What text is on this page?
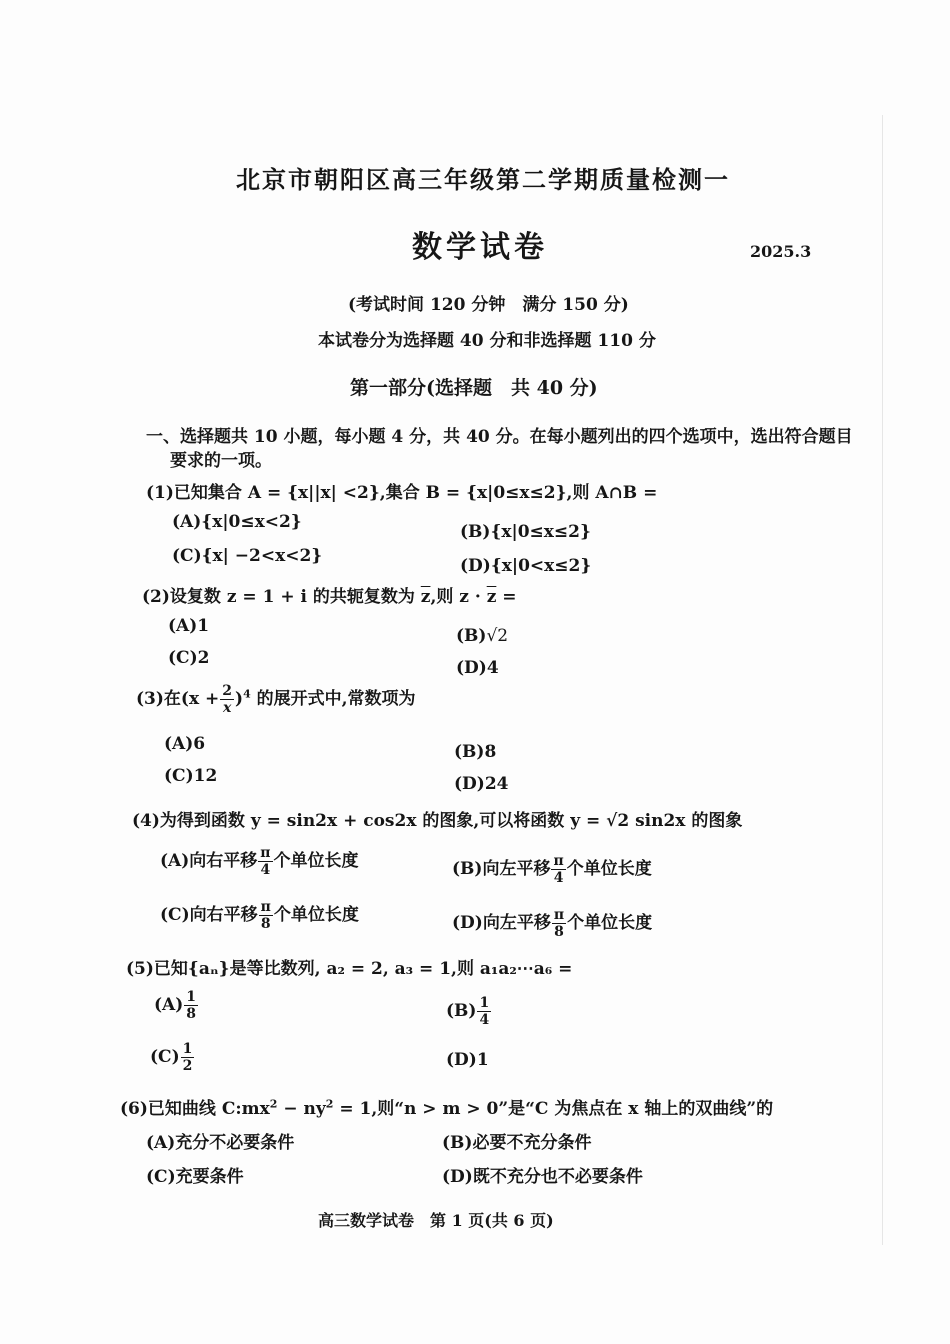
北京市朝阳区高三年级第二学期质量检测一
数学试卷	2025.3
(考试时间 120 分钟　满分 150 分)
本试卷分为选择题 40 分和非选择题 110 分
第一部分(选择题　共 40 分)
一、选择题共 10 小题，每小题 4 分，共 40 分。在每小题列出的四个选项中，选出符合题目
要求的一项。
(1)已知集合 A = {x||x| <2},集合 B = {x|0≤x≤2},则 A∩B =
(A){x|0≤x<2}	(B){x|0≤x≤2}
(C){x| −2<x<2}	(D){x|0<x≤2}
(2)设复数 z = 1 + i 的共轭复数为 $\overline{z}$,则 $z \cdot \overline{z}$ =
(A)1	(B)√2
(C)2	(D)4
(3)在$(x + \frac{2}{x} )^4$ 的展开式中,常数项为
(A)6	(B)8
(C)12	(D)24
(4)为得到函数 y = sin2x + cos2x 的图象,可以将函数 y = √2 sin2x 的图象
(A)向右平移 $\frac{\pi}{4}$ 个单位长度	(B)向左平移 $\frac{\pi}{4}$ 个单位长度
(C)向右平移 $\frac{\pi}{8}$ 个单位长度	(D)向左平移 $\frac{\pi}{8}$ 个单位长度
(5)已知{aₙ}是等比数列, a₂ = 2, a₃ = 1,则 a₁a₂⋯a₆ =
$(A) \frac{1}{8}$	$(B) \frac{1}{4}$
$(C) \frac{1}{2}$	(D)1
(6)已知曲线 $C:mx^2 - ny^2 = 1$,则“n > m > 0”是“C 为焦点在 x 轴上的双曲线”的
(A)充分不必要条件	(B)必要不充分条件
(C)充要条件	(D)既不充分也不必要条件
高三数学试卷　第 1 页(共 6 页)
